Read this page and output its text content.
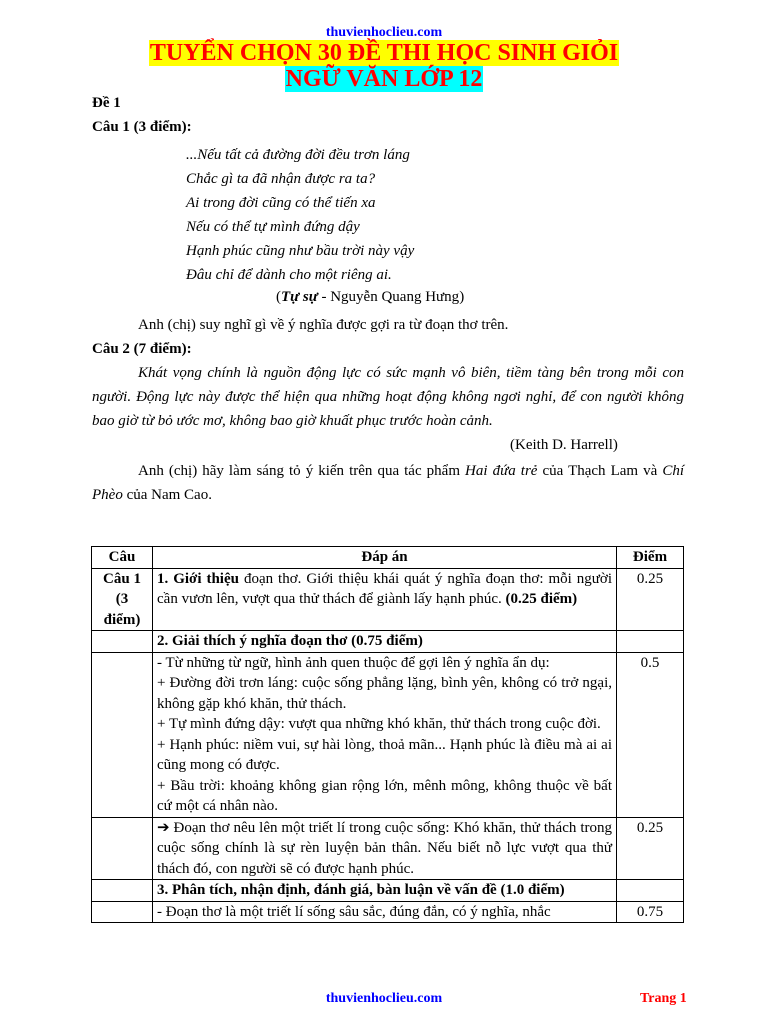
thuvienhoclieu.com
TUYỂN CHỌN 30 ĐỀ THI HỌC SINH GIỎI
NGỮ VĂN LỚP 12
Đề 1
Câu 1 (3 điểm):
...Nếu tất cả đường đời đều trơn láng
Chắc gì ta đã nhận được ra ta?
Ai trong đời cũng có thể tiến xa
Nếu có thể tự mình đứng dậy
Hạnh phúc cũng như bầu trời này vậy
Đâu chỉ để dành cho một riêng ai.
(Tự sự - Nguyễn Quang Hưng)
Anh (chị) suy nghĩ gì về ý nghĩa được gợi ra từ đoạn thơ trên.
Câu 2 (7 điểm):
Khát vọng chính là nguồn động lực có sức mạnh vô biên, tiềm tàng bên trong mỗi con người. Động lực này được thể hiện qua những hoạt động không ngơi nghỉ, để con người không bao giờ từ bỏ ước mơ, không bao giờ khuất phục trước hoàn cảnh.
(Keith D. Harrell)
Anh (chị) hãy làm sáng tỏ ý kiến trên qua tác phẩm Hai đứa trẻ của Thạch Lam và Chí Phèo của Nam Cao.
Câu	Đáp án	Điểm
Câu 1 (3 điểm)	1. Giới thiệu đoạn thơ. Giới thiệu khái quát ý nghĩa đoạn thơ: mỗi người cần vươn lên, vượt qua thử thách để giành lấy hạnh phúc. (0.25 điểm)	0.25
	2. Giải thích ý nghĩa đoạn thơ (0.75 điểm)	

	- Từ những từ ngữ, hình ảnh quen thuộc để gợi lên ý nghĩa ẩn dụ:
+ Đường đời trơn láng: cuộc sống phẳng lặng, bình yên, không có trở ngại, không gặp khó khăn, thử thách.
+ Tự mình đứng dậy: vượt qua những khó khăn, thử thách trong cuộc đời.
+ Hạnh phúc: niềm vui, sự hài lòng, thoả mãn... Hạnh phúc là điều mà ai ai cũng mong có được.
+ Bầu trời: khoảng không gian rộng lớn, mênh mông, không thuộc về bất cứ một cá nhân nào.	0.5
	➔ Đoạn thơ nêu lên một triết lí trong cuộc sống: Khó khăn, thử thách trong cuộc sống chính là sự rèn luyện bản thân. Nếu biết nỗ lực vượt qua thử thách đó, con người sẽ có được hạnh phúc.	0.25
	3. Phân tích, nhận định, đánh giá, bàn luận về vấn đề (1.0 điểm)	
	- Đoạn thơ là một triết lí sống sâu sắc, đúng đắn, có ý nghĩa, nhắc	0.75
thuvienhoclieu.com	Trang 1
